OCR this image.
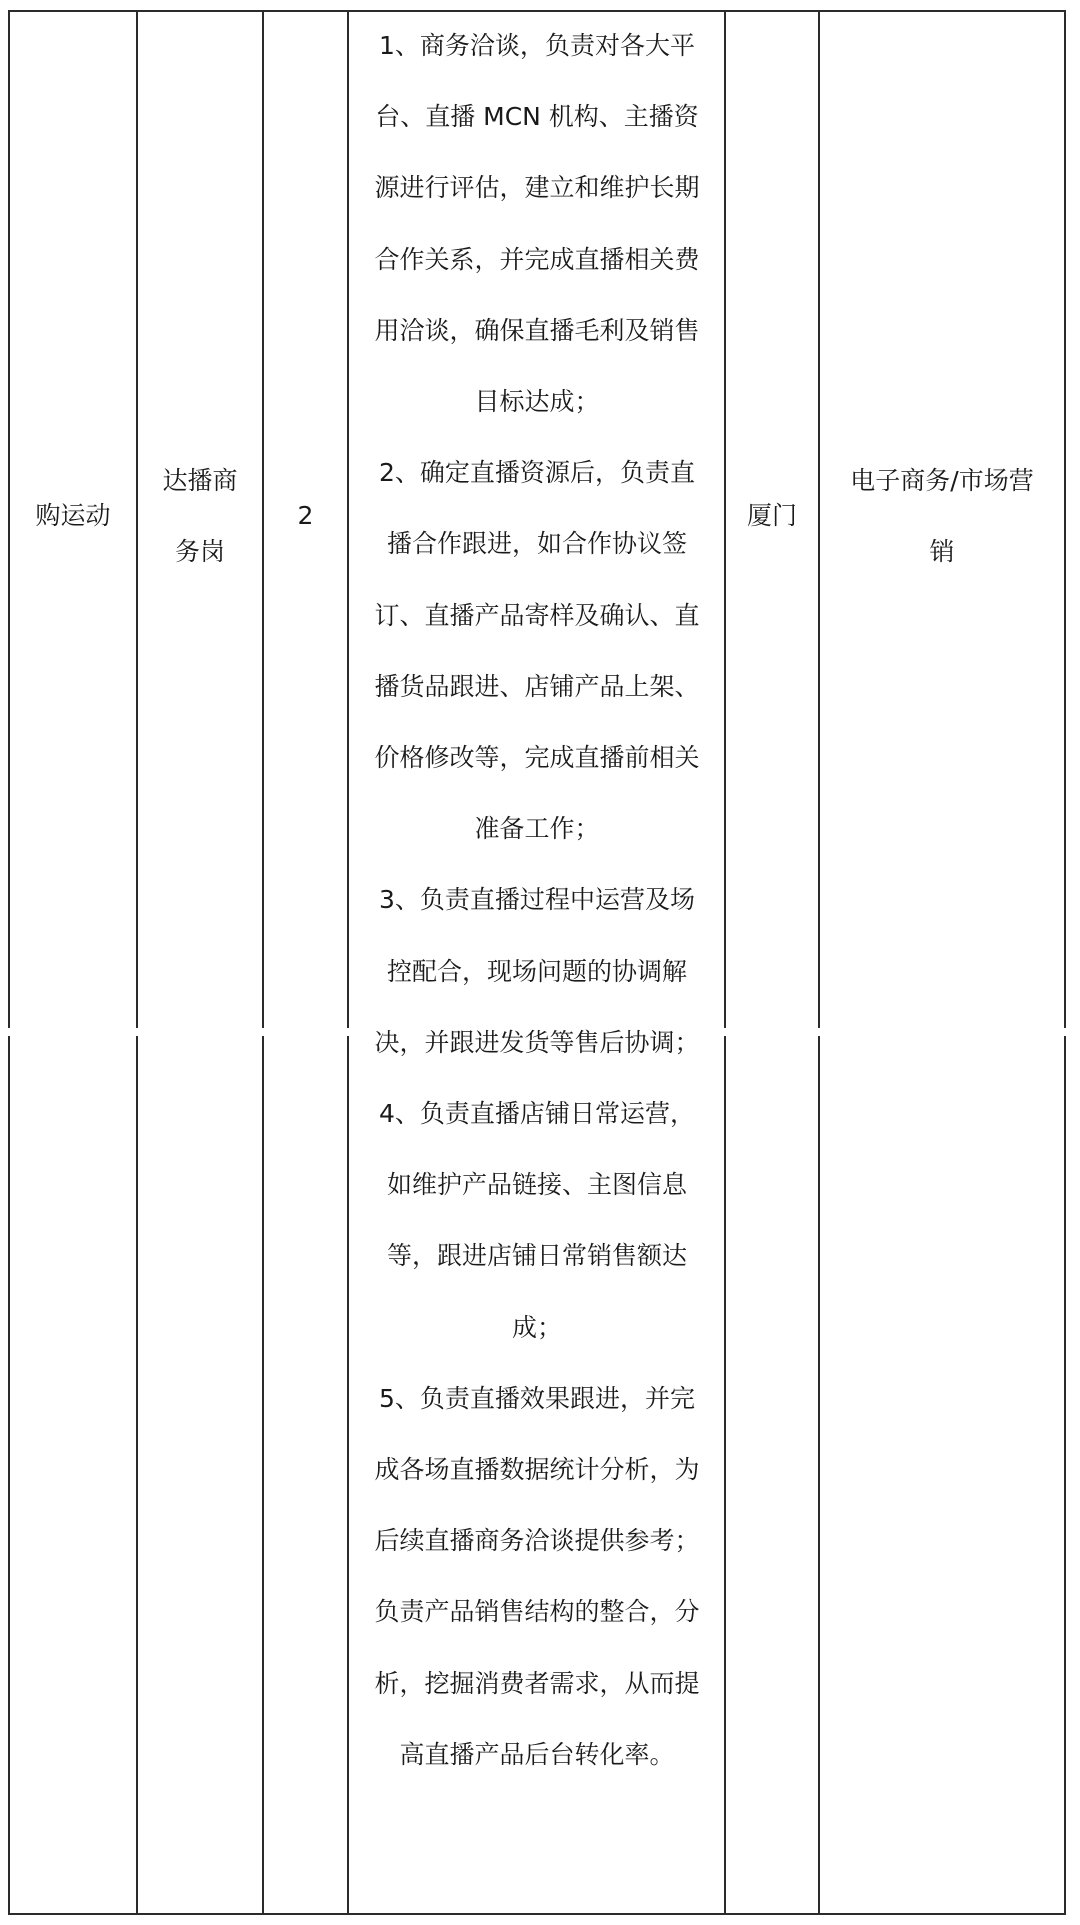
购运动
达播商
务岗
2	厦门
电子商务/市场营
销
1、商务洽谈，负责对各大平
台、直播 MCN 机构、主播资
源进行评估，建立和维护长期
合作关系，并完成直播相关费
用洽谈，确保直播毛利及销售
目标达成；
2、确定直播资源后，负责直
播合作跟进，如合作协议签
订、直播产品寄样及确认、直
播货品跟进、店铺产品上架、
价格修改等，完成直播前相关
准备工作；
3、负责直播过程中运营及场
控配合，现场问题的协调解
决，并跟进发货等售后协调；
4、负责直播店铺日常运营，
如维护产品链接、主图信息
等，跟进店铺日常销售额达
成；
5、负责直播效果跟进，并完
成各场直播数据统计分析，为
后续直播商务洽谈提供参考；
负责产品销售结构的整合，分
析，挖掘消费者需求，从而提
高直播产品后台转化率。
